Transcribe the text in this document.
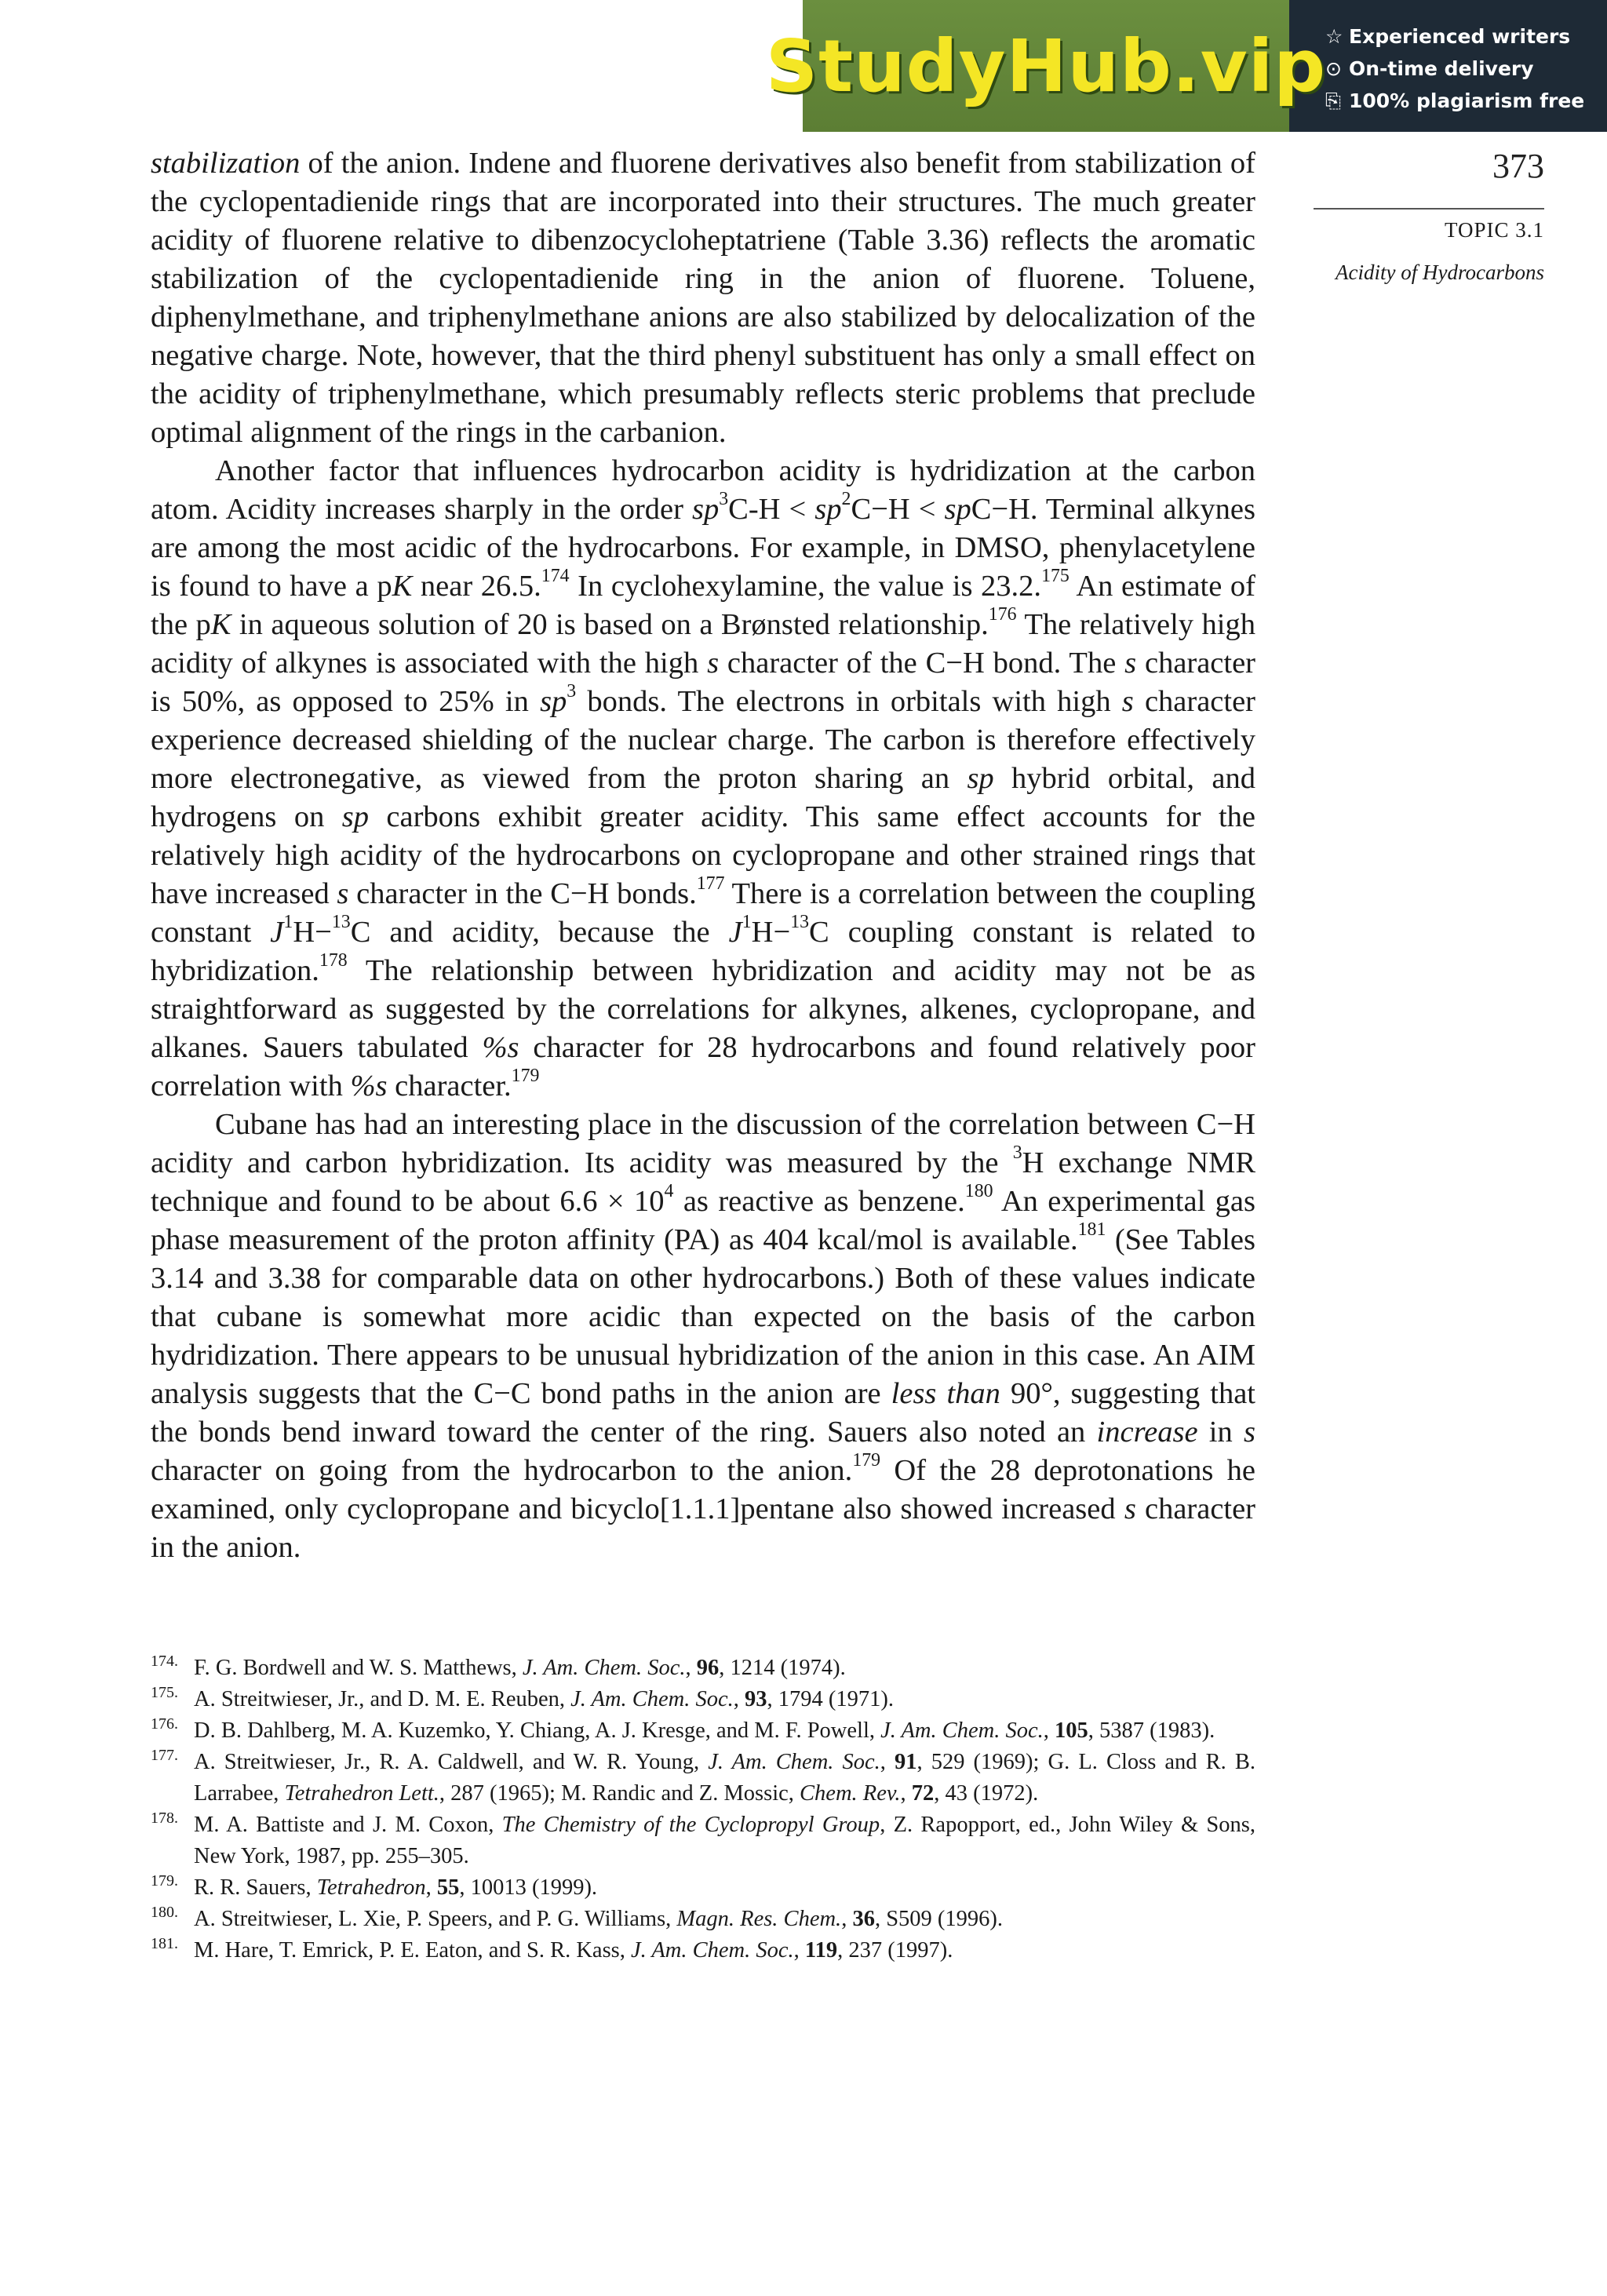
StudyHub.vip
☆ Experienced writers
⊙ On-time delivery
⎘ 100% plagiarism free
373
TOPIC 3.1
Acidity of Hydrocarbons

stabilization of the anion. Indene and fluorene derivatives also benefit from stabilization of the cyclopentadienide rings that are incorporated into their structures. The much greater acidity of fluorene relative to dibenzocycloheptatriene (Table 3.36) reflects the aromatic stabilization of the cyclopentadienide ring in the anion of fluorene. Toluene, diphenylmethane, and triphenylmethane anions are also stabilized by delocalization of the negative charge. Note, however, that the third phenyl substituent has only a small effect on the acidity of triphenylmethane, which presumably reflects steric problems that preclude optimal alignment of the rings in the carbanion.

Another factor that influences hydrocarbon acidity is hydridization at the carbon atom. Acidity increases sharply in the order $sp^3C-H < sp^2C-H < spC-H$. Terminal alkynes are among the most acidic of the hydrocarbons. For example, in DMSO, phenylacetylene is found to have a pK near 26.5.$^{174}$ In cyclohexylamine, the value is 23.2.$^{175}$ An estimate of the pK in aqueous solution of 20 is based on a Brønsted relationship.$^{176}$ The relatively high acidity of alkynes is associated with the high s character of the C−H bond. The s character is 50%, as opposed to 25% in $sp^3$ bonds. The electrons in orbitals with high s character experience decreased shielding of the nuclear charge. The carbon is therefore effectively more electronegative, as viewed from the proton sharing an sp hybrid orbital, and hydrogens on sp carbons exhibit greater acidity. This same effect accounts for the relatively high acidity of the hydrocarbons on cyclopropane and other strained rings that have increased s character in the C−H bonds.$^{177}$ There is a correlation between the coupling constant $J^1H-^{13}C$ and acidity, because the $J^1H-^{13}C$ coupling constant is related to hybridization.$^{178}$ The relationship between hybridization and acidity may not be as straightforward as suggested by the correlations for alkynes, alkenes, cyclopropane, and alkanes. Sauers tabulated %s character for 28 hydrocarbons and found relatively poor correlation with %s character.$^{179}$

Cubane has had an interesting place in the discussion of the correlation between C−H acidity and carbon hybridization. Its acidity was measured by the $^3$H exchange NMR technique and found to be about $6.6 \times 10^4$ as reactive as benzene.$^{180}$ An experimental gas phase measurement of the proton affinity (PA) as 404 kcal/mol is available.$^{181}$ (See Tables 3.14 and 3.38 for comparable data on other hydrocarbons.) Both of these values indicate that cubane is somewhat more acidic than expected on the basis of the carbon hydridization. There appears to be unusual hybridization of the anion in this case. An AIM analysis suggests that the C−C bond paths in the anion are less than 90°, suggesting that the bonds bend inward toward the center of the ring. Sauers also noted an increase in s character on going from the hydrocarbon to the anion.$^{179}$ Of the 28 deprotonations he examined, only cyclopropane and bicyclo[1.1.1]pentane also showed increased s character in the anion.

174. F. G. Bordwell and W. S. Matthews, J. Am. Chem. Soc., 96, 1214 (1974).
175. A. Streitwieser, Jr., and D. M. E. Reuben, J. Am. Chem. Soc., 93, 1794 (1971).
176. D. B. Dahlberg, M. A. Kuzemko, Y. Chiang, A. J. Kresge, and M. F. Powell, J. Am. Chem. Soc., 105, 5387 (1983).
177. A. Streitwieser, Jr., R. A. Caldwell, and W. R. Young, J. Am. Chem. Soc., 91, 529 (1969); G. L. Closs and R. B. Larrabee, Tetrahedron Lett., 287 (1965); M. Randic and Z. Mossic, Chem. Rev., 72, 43 (1972).
178. M. A. Battiste and J. M. Coxon, The Chemistry of the Cyclopropyl Group, Z. Rapopport, ed., John Wiley & Sons, New York, 1987, pp. 255–305.
179. R. R. Sauers, Tetrahedron, 55, 10013 (1999).
180. A. Streitwieser, L. Xie, P. Speers, and P. G. Williams, Magn. Res. Chem., 36, S509 (1996).
181. M. Hare, T. Emrick, P. E. Eaton, and S. R. Kass, J. Am. Chem. Soc., 119, 237 (1997).
